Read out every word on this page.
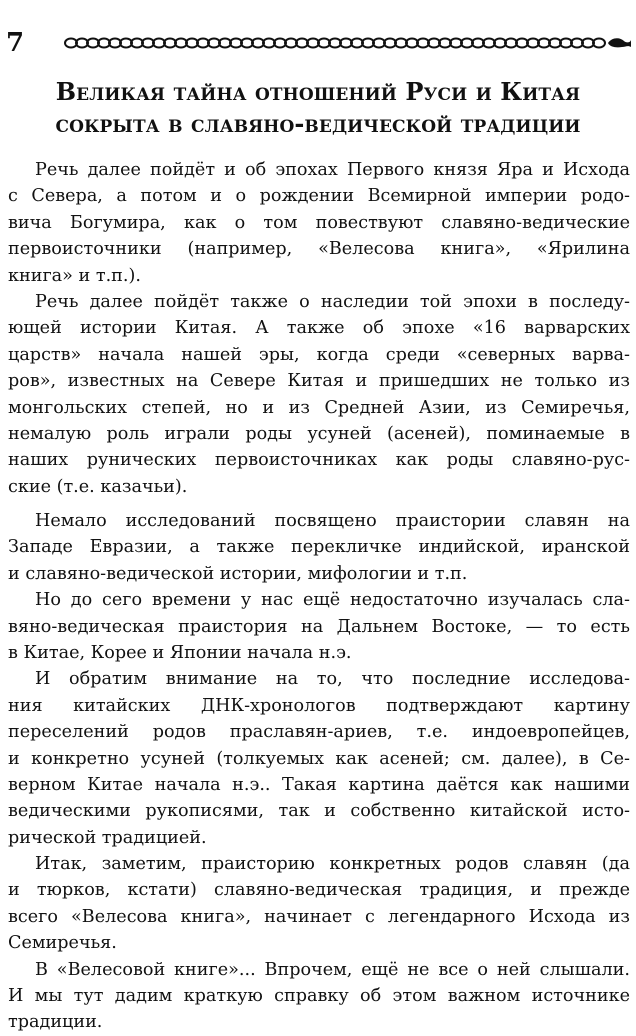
7
Великая тайна отношений Руси и Китая
сокрыта в славяно-ведической традиции
Речь далее пойдёт и об эпохах Первого князя Яра и Исхода
с Севера, а потом и о рождении Всемирной империи родо-
вича Богумира, как о том повествуют славяно-ведические
первоисточники (например, «Велесова книга», «Ярилина
книга» и т.п.).
Речь далее пойдёт также о наследии той эпохи в последу-
ющей истории Китая. А также об эпохе «16 варварских
царств» начала нашей эры, когда среди «северных варва-
ров», известных на Севере Китая и пришедших не только из
монгольских степей, но и из Средней Азии, из Семиречья,
немалую роль играли роды усуней (асеней), поминаемые в
наших рунических первоисточниках как роды славяно-рус-
ские (т.е. казачьи).
Немало исследований посвящено праистории славян на
Западе Евразии, а также перекличке индийской, иранской
и славяно-ведической истории, мифологии и т.п.
Но до сего времени у нас ещё недостаточно изучалась сла-
вяно-ведическая праистория на Дальнем Востоке, — то есть
в Китае, Корее и Японии начала н.э.
И обратим внимание на то, что последние исследова-
ния китайских ДНК-хронологов подтверждают картину
переселений родов праславян-ариев, т.е. индоевропейцев,
и конкретно усуней (толкуемых как асеней; см. далее), в Се-
верном Китае начала н.э.. Такая картина даётся как нашими
ведическими рукописями, так и собственно китайской истo-
рической традицией.
Итак, заметим, праисторию конкретных родов славян (да
и тюрков, кстати) славяно-ведическая традиция, и прежде
всего «Велесова книга», начинает с легендарного Исхода из
Семиречья.
В «Велесовой книге»... Впрочем, ещё не все о ней слышали.
И мы тут дадим краткую справку об этом важном источнике
традиции.
